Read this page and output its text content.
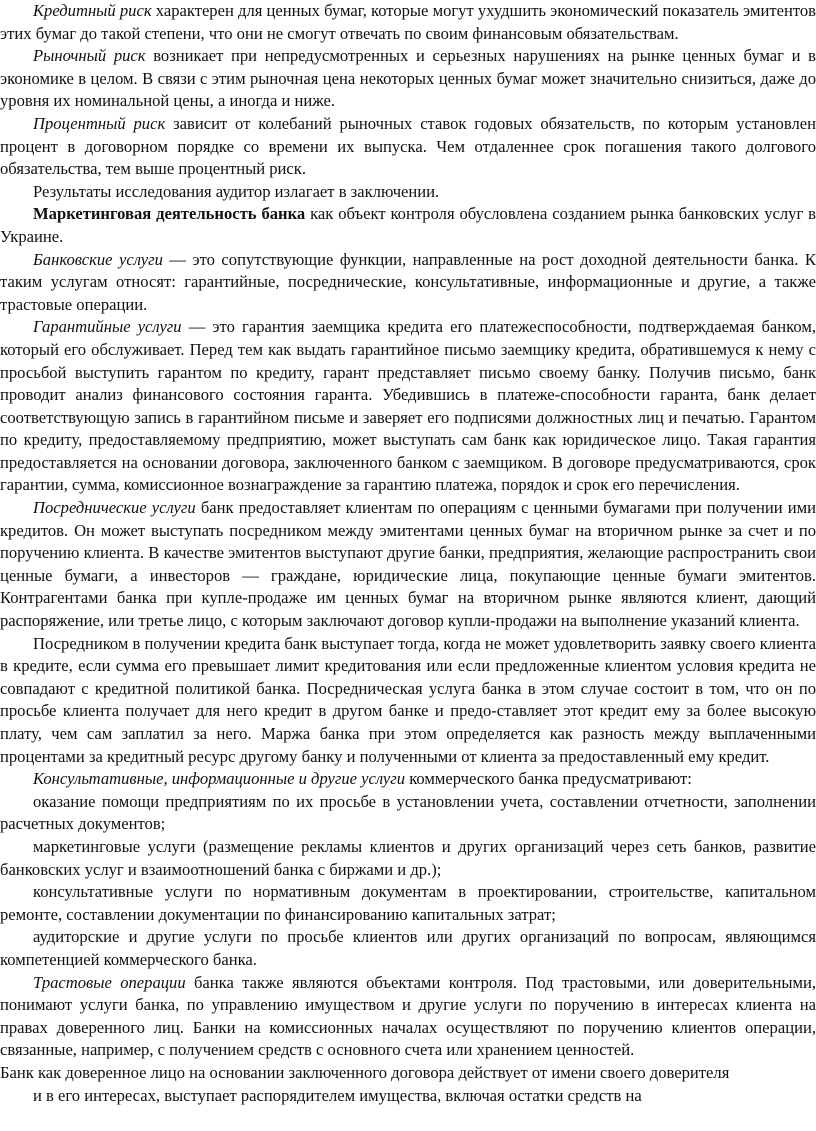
Кредитный риск характерен для ценных бумаг, которые могут ухудшить экономический показатель эмитентов этих бумаг до такой степени, что они не смогут отвечать по своим финансовым обязательствам.

Рыночный риск возникает при непредусмотренных и серьезных нарушениях на рынке ценных бумаг и в экономике в целом. В связи с этим рыночная цена некоторых ценных бумаг может значительно снизиться, даже до уровня их номинальной цены, а иногда и ниже.

Процентный риск зависит от колебаний рыночных ставок годовых обязательств, по которым установлен процент в договорном порядке со времени их выпуска. Чем отдаленнее срок погашения такого долгового обязательства, тем выше процентный риск.

Результаты исследования аудитор излагает в заключении.

Маркетинговая деятельность банка как объект контроля обусловлена созданием рынка банковских услуг в Украине.

Банковские услуги — это сопутствующие функции, направленные на рост доходной деятельности банка. К таким услугам относят: гарантийные, посреднические, консультативные, информационные и другие, а также трастовые операции.

Гарантийные услуги — это гарантия заемщика кредита его платежеспособности, подтверждаемая банком, который его обслуживает. Перед тем как выдать гарантийное письмо заемщику кредита, обратившемуся к нему с просьбой выступить гарантом по кредиту, гарант представляет письмо своему банку. Получив письмо, банк проводит анализ финансового состояния гаранта. Убедившись в платеже-способности гаранта, банк делает соответствующую запись в гарантийном письме и заверяет его подписями должностных лиц и печатью. Гарантом по кредиту, предоставляемому предприятию, может выступать сам банк как юридическое лицо. Такая гарантия предоставляется на основании договора, заключенного банком с заемщиком. В договоре предусматриваются, срок гарантии, сумма, комиссионное вознаграждение за гарантию платежа, порядок и срок его перечисления.

Посреднические услуги банк предоставляет клиентам по операциям с ценными бумагами при получении ими кредитов. Он может выступать посредником между эмитентами ценных бумаг на вторичном рынке за счет и по поручению клиента. В качестве эмитентов выступают другие банки, предприятия, желающие распространить свои ценные бумаги, а инвесторов — граждане, юридические лица, покупающие ценные бумаги эмитентов. Контрагентами банка при купле-продаже им ценных бумаг на вторичном рынке являются клиент, дающий распоряжение, или третье лицо, с которым заключают договор купли-продажи на выполнение указаний клиента.

Посредником в получении кредита банк выступает тогда, когда не может удовлетворить заявку своего клиента в кредите, если сумма его превышает лимит кредитования или если предложенные клиентом условия кредита не совпадают с кредитной политикой банка. Посредническая услуга банка в этом случае состоит в том, что он по просьбе клиента получает для него кредит в другом банке и предо-ставляет этот кредит ему за более высокую плату, чем сам заплатил за него. Маржа банка при этом определяется как разность между выплаченными процентами за кредитный ресурс другому банку и полученными от клиента за предоставленный ему кредит.

Консультативные, информационные и другие услуги коммерческого банка предусматривают:

оказание помощи предприятиям по их просьбе в установлении учета, составлении отчетности, заполнении расчетных документов;

маркетинговые услуги (размещение рекламы клиентов и других организаций через сеть банков, развитие банковских услуг и взаимоотношений банка с биржами и др.);

консультативные услуги по нормативным документам в проектировании, строительстве, капитальном ремонте, составлении документации по финансированию капитальных затрат;

аудиторские и другие услуги по просьбе клиентов или других организаций по вопросам, являющимся компетенцией коммерческого банка.

Трастовые операции банка также являются объектами контроля. Под трастовыми, или доверительными, понимают услуги банка, по управлению имуществом и другие услуги по поручению в интересах клиента на правах доверенного лиц. Банки на комиссионных началах осуществляют по поручению клиентов операции, связанные, например, с получением средств с основного счета или хранением ценностей.

Банк как доверенное лицо на основании заключенного договора действует от имени своего доверителя

и в его интересах, выступает распорядителем имущества, включая остатки средств на
